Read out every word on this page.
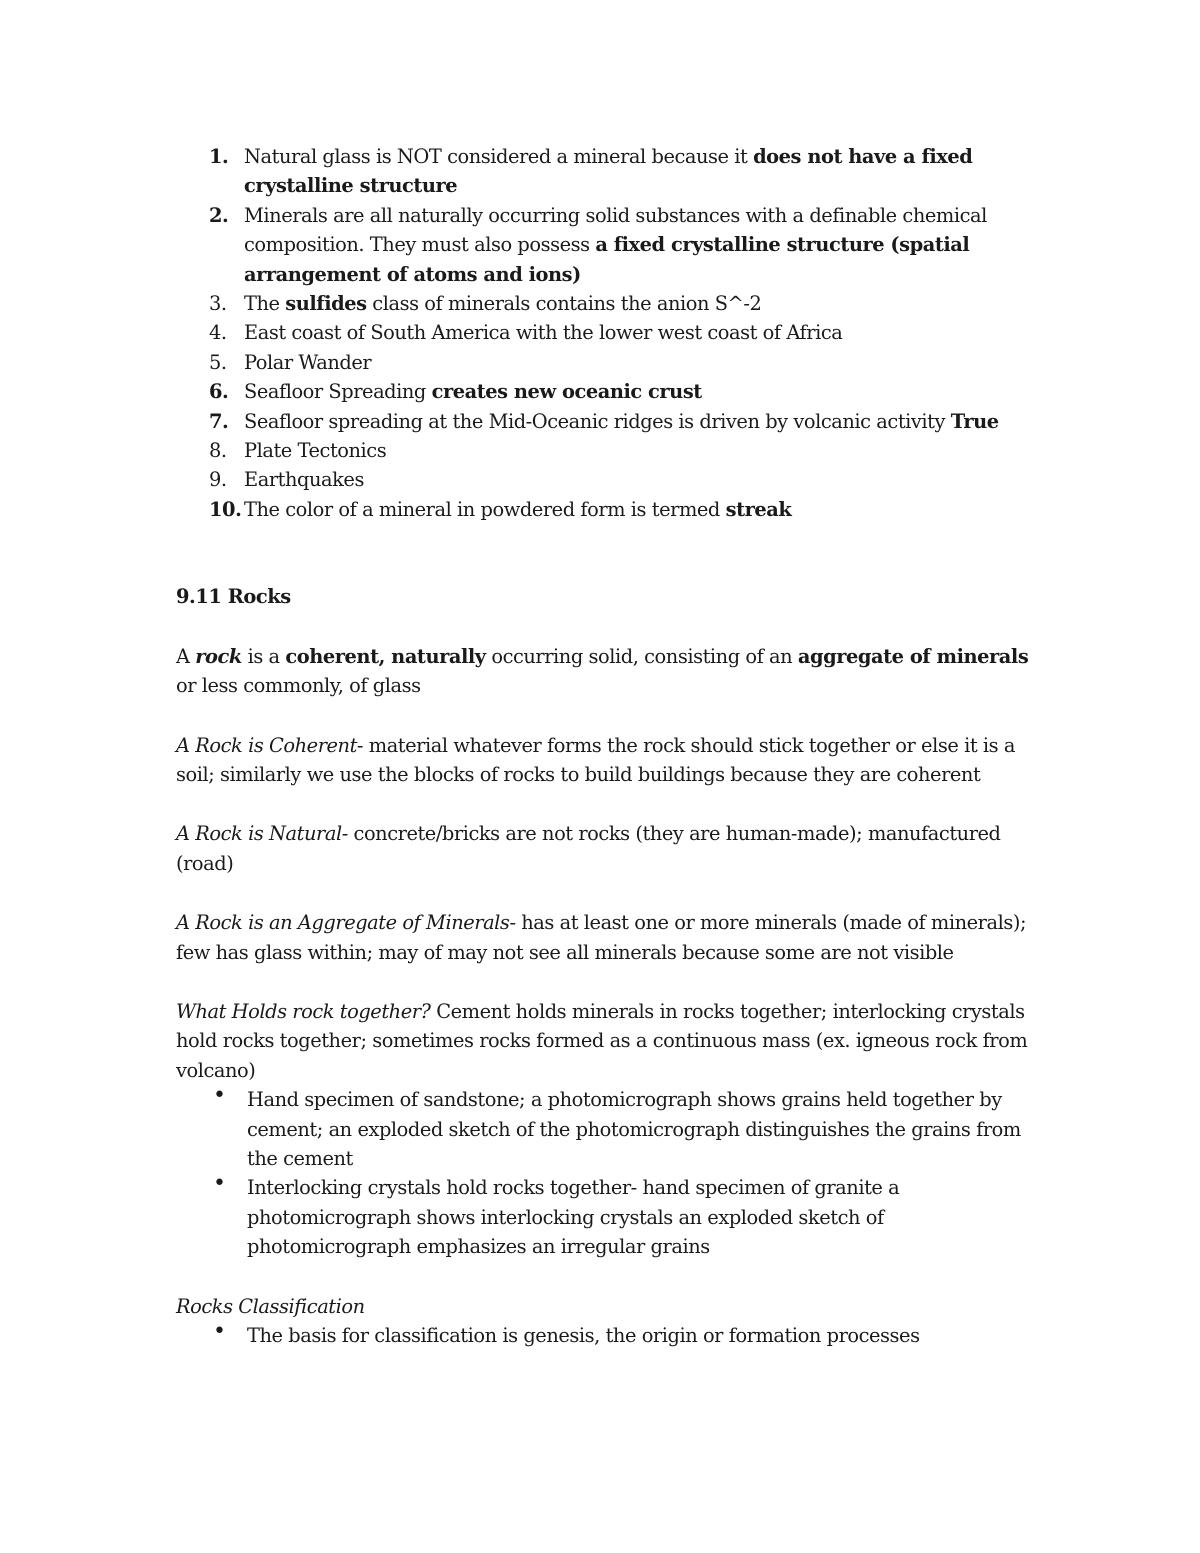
1. Natural glass is NOT considered a mineral because it does not have a fixed crystalline structure
2. Minerals are all naturally occurring solid substances with a definable chemical composition. They must also possess a fixed crystalline structure (spatial arrangement of atoms and ions)
3. The sulfides class of minerals contains the anion S^-2
4. East coast of South America with the lower west coast of Africa
5. Polar Wander
6. Seafloor Spreading creates new oceanic crust
7. Seafloor spreading at the Mid-Oceanic ridges is driven by volcanic activity True
8. Plate Tectonics
9. Earthquakes
10. The color of a mineral in powdered form is termed streak
9.11 Rocks

A rock is a coherent, naturally occurring solid, consisting of an aggregate of minerals or less commonly, of glass

A Rock is Coherent- material whatever forms the rock should stick together or else it is a soil; similarly we use the blocks of rocks to build buildings because they are coherent

A Rock is Natural- concrete/bricks are not rocks (they are human-made); manufactured (road)

A Rock is an Aggregate of Minerals- has at least one or more minerals (made of minerals); few has glass within; may of may not see all minerals because some are not visible

What Holds rock together? Cement holds minerals in rocks together; interlocking crystals hold rocks together; sometimes rocks formed as a continuous mass (ex. igneous rock from volcano)

• Hand specimen of sandstone; a photomicrograph shows grains held together by cement; an exploded sketch of the photomicrograph distinguishes the grains from the cement
• Interlocking crystals hold rocks together- hand specimen of granite a photomicrograph shows interlocking crystals an exploded sketch of photomicrograph emphasizes an irregular grains

Rocks Classification

• The basis for classification is genesis, the origin or formation processes
